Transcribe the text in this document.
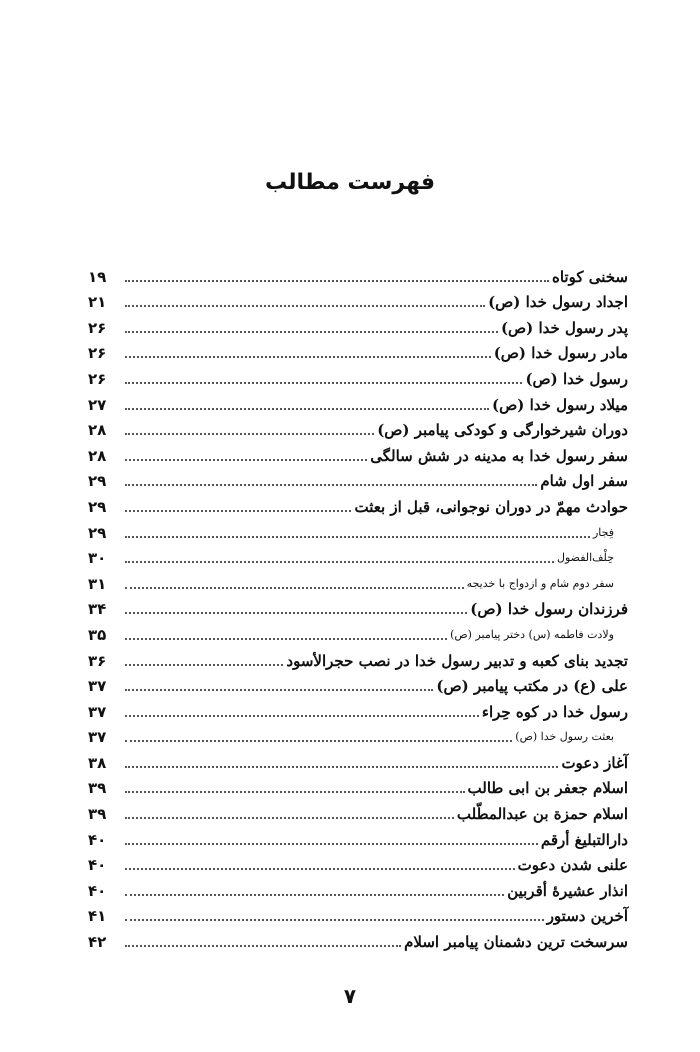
فهرست مطالب
سخنی کوتاه
۱۹
اجداد رسول خدا (ص)
۲۱
پدر رسول خدا (ص)
۲۶
مادر رسول خدا (ص)
۲۶
رسول خدا (ص)
۲۶
میلاد رسول خدا (ص)
۲۷
دوران شیرخوارگی و کودکی پیامبر (ص)
۲۸
سفر رسول خدا به مدینه در شش سالگی
۲۸
سفر اول شام
۲۹
حوادث مهمّ در دوران نوجوانی، قبل از بعثت
۲۹
فِجار
۲۹
حِلْف‌الفضول
۳۰
سفر دوم شام و ازدواج با خدیجه
۳۱
فرزندان رسول خدا (ص)
۳۴
ولادت فاطمه (س) دختر پیامبر (ص)
۳۵
تجدید بنای کعبه و تدبیر رسول خدا در نصب حجرالأسود
۳۶
علی (ع) در مکتب پیامبر (ص)
۳۷
رسول خدا در کوه حِراء
۳۷
بعثت رسول خدا (ص)
۳۷
آغاز دعوت
۳۸
اسلام جعفر بن ابی طالب
۳۹
اسلام حمزة بن عبدالمطّلب
۳۹
دارالتبلیغ أرقم
۴۰
علنی شدن دعوت
۴۰
انذار عشیرهٔ أقربین
۴۰
آخرین دستور
۴۱
سرسخت ترین دشمنان پیامبر اسلام
۴۲
۷
